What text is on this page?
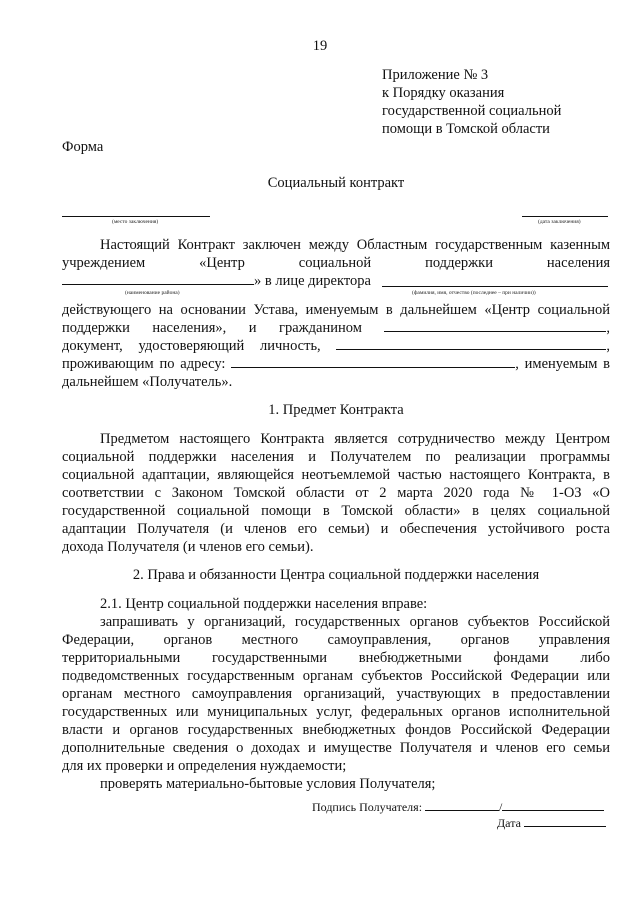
19
Приложение № 3
к Порядку оказания
государственной социальной
помощи в Томской области
Форма
Социальный контракт
(место заключения)	(дата заключения)
Настоящий Контракт заключен между Областным государственным казенным
учреждением	«Центр	социальной	поддержки	населения
» в лице директора
(наименование района)	(фамилия, имя, отчество (последнее – при наличии))
действующего на основании Устава, именуемым в дальнейшем «Центр социальной
поддержки населения», и гражданином	,
документ, удостоверяющий личность,	,
проживающим по адресу:	, именуемым в
дальнейшем «Получатель».
1. Предмет Контракта
Предметом настоящего Контракта является сотрудничество между Центром
социальной поддержки населения и Получателем по реализации программы
социальной адаптации, являющейся неотъемлемой частью настоящего Контракта, в
соответствии с Законом Томской области от 2 марта 2020 года № 1-ОЗ «О
государственной социальной помощи в Томской области» в целях социальной
адаптации Получателя (и членов его семьи) и обеспечения устойчивого роста
дохода Получателя (и членов его семьи).
2. Права и обязанности Центра социальной поддержки населения
2.1. Центр социальной поддержки населения вправе:
запрашивать у организаций, государственных органов субъектов Российской
Федерации, органов местного самоуправления, органов управления
территориальными государственными внебюджетными фондами либо
подведомственных государственным органам субъектов Российской Федерации или
органам местного самоуправления организаций, участвующих в предоставлении
государственных или муниципальных услуг, федеральных органов исполнительной
власти и органов государственных внебюджетных фондов Российской Федерации
дополнительные сведения о доходах и имуществе Получателя и членов его семьи
для их проверки и определения нуждаемости;
проверять материально-бытовые условия Получателя;
Подпись Получателя:	/
Дата
